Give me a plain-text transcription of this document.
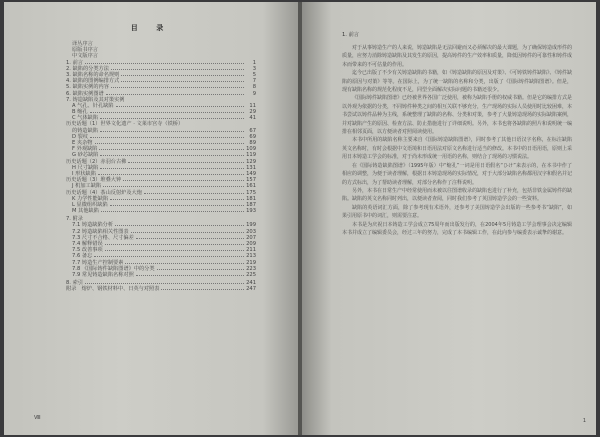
目 录
译丛序言
原版书序言
中文版序言
1. 前言	1
2. 缺陷的分类方法	3
3. 缺陷名称的命名规则	5
4. 缺陷的图例编排方式	7
5. 缺陷实例的内容	8
6. 缺陷实例图谱	9
7. 铸造缺陷及其对策实例
A 气孔、针孔缺陷	11
B 缩孔	29
C 气体缺陷	41
历史话题（1）世界文化遗产 · 文莱市宫寺（铁桥）
的铸造缺陷	67
D 裂纹	69
E 夹杂物	89
F 外观缺陷	109
G 砂芯缺陷	119
历史话题（2）赤羽台古佛	129
H 尺寸缺陷	131
I 形状缺陷	149
历史话题（3）堆叠大钟	157
J 机加工缺陷	161
历史话题（4）茶山反射炉及大炮	175
K 力学性能缺陷	181
L 显微组织缺陷	187
M 其他缺陷	193
7. 附录
7.1 铸造缺陷分析	199
7.2 铸造缺陷相关性图表	203
7.3 尺寸不合格、尺寸偏差	207
7.4 解释错误	209
7.5 改善事项	211
7.6 备忘	213
7.7 铸造生产控制要素	219
7.8 《国际铸件缺陷图谱》中的分类	223
7.9 常见铸造缺陷名称对照	225
8. 索引	241
附录　熔炉、钢铁材料中、日英与对照表	247
Ⅷ
1. 前言

对于从事铸造生产的人来说，铸造缺陷是无法回避而又必须解决的最大课题，为了确保铸造成形件的质量，应努力消除铸造缺陷及其发生的原因，提高铸件的生产效率和质量，降低因铸件的可靠性和铸件成本而带来的不可估量的作用。

迄今已出版了不少有关铸造缺陷的书籍，如《铸造缺陷的原因及对策》、《可铸铁铸件缺陷》、《铸件缺陷的原因与对策》等等。在国际上，为了统一缺陷的名称和分类，出版了《国际铸件缺陷图谱》。但是，现有缺陷名称的规范化程度不足，同型全面解决实际问题的书籍还很少。

《国际铸件缺陷图谱》已经被世界各国广泛使用，被称为缺陷手册的权威书籍。但是它的编排方式是以外观为依据的分类，不同铸件种类之间的相互关联不够充分，生产现场的实际人员使用时比较困难，本书尝试以铸件品种为主线，系统整理了缺陷的名称、分类和对策，参考了大量铸造现场的实际缺陷案例，并对缺陷产生的原因、检查方法、防止措施进行了详细说明。另外，本书也将各缺陷的照片和说明统一编排在相邻页面，以方便读者对照阅读使用。

本书中所用的缺陷名称主要来自《国际铸造缺陷图谱》，同时参考了其他日语汉字名称，在标注缺陷英文名称时，有时会根据中文语境和日语用法对原文名称进行适当的修改。本书中的日语用语，原则上采用日本铸造工学会的标准，对于尚未形成统一用语的名称，则结合了现场的习惯说法。

在《国际铸造缺陷图谱》（1995年版）中“缩孔”一词是用日语假名“ひけ”来表示的，在本书中作了相应的调整，为便于读者理解，根据日本铸造现场的实际情况，对于大部分缺陷名称都用汉字和假名并记的方式标出，为了帮助读者理解，对部分名称作了注释说明。

另外，本书在日常生产中经常使用而未被以往图谱收录的缺陷也进行了补充，包括非铁金属铸件的缺陷。缺陷的英文名称同时列出，以便读者查阅，同时我们参考了英国铸造学会的一些资料。

缺陷的英语词汇方面，除了参考现有术语外，还参考了美国铸造学会出版的一些参考书“缺陷”，如果引用原书中的词汇，则需要注意。

本书是为庆祝日本铸造工学会成立75周年而出版发行的，在2004年5月铸造工学会理事会决定编辑本书并成立了编辑委员会，经过三年的努力，完成了本书编辑工作，在此向参与编委表示诚挚的谢意。

1
